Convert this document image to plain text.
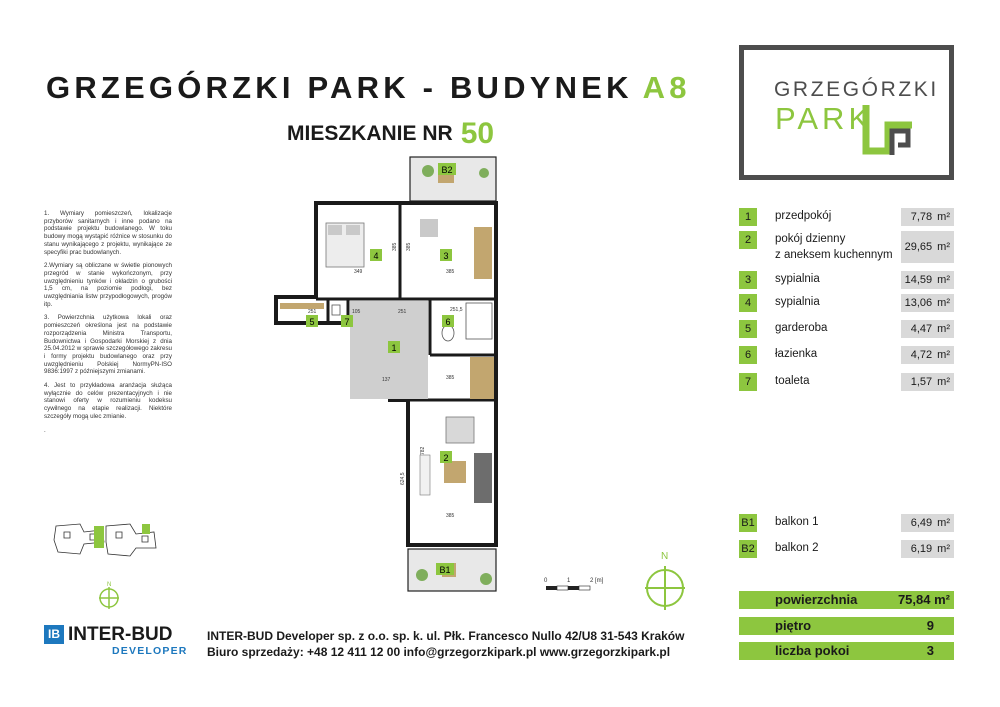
GRZEGÓRZKI PARK - BUDYNEK A8
MIESZKANIE NR 50
GRZEGÓRZKI
PARK

1. Wymiary pomieszczeń, lokalizacje przyborów sanitarnych i inne podano na podstawie projektu budowlanego. W toku budowy mogą wystąpić różnice w stosunku do stanu wynikającego z projektu, wynikające ze specyfiki prac budowlanych.

2.Wymiary są obliczane w świetle pionowych przegród w stanie wykończonym, przy uwzględnieniu tynków i okładzin o grubości 1,5 cm, na poziomie podłogi, bez uwzględniania listw przypodłogowych, progów itp.

3. Powierzchnia użytkowa lokali oraz pomieszczeń określona jest na podstawie rozporządzenia Ministra Transportu, Budownictwa i Gospodarki Morskiej z dnia 25.04.2012 w sprawie szczegółowego zakresu i formy projektu budowlanego oraz przy uwzględnieniu Polskiej NormyPN-ISO 9836:1997 z późniejszymi zmianami.

4. Jest to przykładowa aranżacja służąca wyłącznie do celów prezentacyjnych i nie stanowi oferty w rozumieniu kodeksu cywilnego na etapie realizacji. Niektóre szczegóły mogą ulec zmianie.

.

N
4	3
1
5	7	6
2
B2
B1
349	385
251
251	105	251,5
385
137
385
782
624,5
385 385
N
0	1	2 [m]
1	przedpokój	7,78 m²
2	pokój dzienny
z aneksem kuchennym
29,65 m²
3	sypialnia	14,59 m²
4	sypialnia	13,06 m²
5	garderoba	4,47 m²
6	łazienka	4,72 m²
7	toaleta	1,57 m²
B1 balkon 1	6,49 m²
B2 balkon 2	6,19 m²
powierzchnia	75,84 m²
piętro	9
liczba pokoi	3
IB INTER-BUD
DEVELOPER
INTER-BUD Developer sp. z o.o. sp. k. ul. Płk. Francesco Nullo 42/U8 31-543 Kraków
Biuro sprzedaży: +48 12 411 12 00 info@grzegorzkipark.pl www.grzegorzkipark.pl
